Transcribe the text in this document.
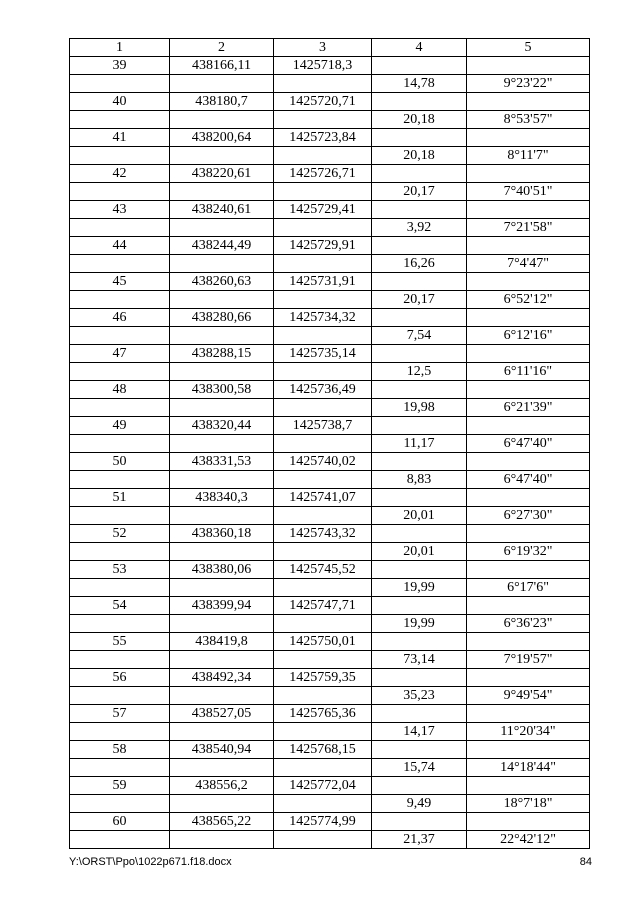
1	2	3	4	5
39	438166,11	1425718,3		
			14,78	9°23'22"
40	438180,7	1425720,71		
			20,18	8°53'57"
41	438200,64	1425723,84		
			20,18	8°11'7"
42	438220,61	1425726,71		
			20,17	7°40'51"
43	438240,61	1425729,41		
			3,92	7°21'58"
44	438244,49	1425729,91		
			16,26	7°4'47"
45	438260,63	1425731,91		
			20,17	6°52'12"
46	438280,66	1425734,32		
			7,54	6°12'16"
47	438288,15	1425735,14		
			12,5	6°11'16"
48	438300,58	1425736,49		
			19,98	6°21'39"
49	438320,44	1425738,7		
			11,17	6°47'40"
50	438331,53	1425740,02		
			8,83	6°47'40"
51	438340,3	1425741,07		
			20,01	6°27'30"
52	438360,18	1425743,32		
			20,01	6°19'32"
53	438380,06	1425745,52		
			19,99	6°17'6"
54	438399,94	1425747,71		
			19,99	6°36'23"
55	438419,8	1425750,01		
			73,14	7°19'57"
56	438492,34	1425759,35		
			35,23	9°49'54"
57	438527,05	1425765,36		
			14,17	11°20'34"
58	438540,94	1425768,15		
			15,74	14°18'44"
59	438556,2	1425772,04		
			9,49	18°7'18"
60	438565,22	1425774,99		
			21,37	22°42'12"
Y:\ORST\Ppo\1022p671.f18.docx	84
